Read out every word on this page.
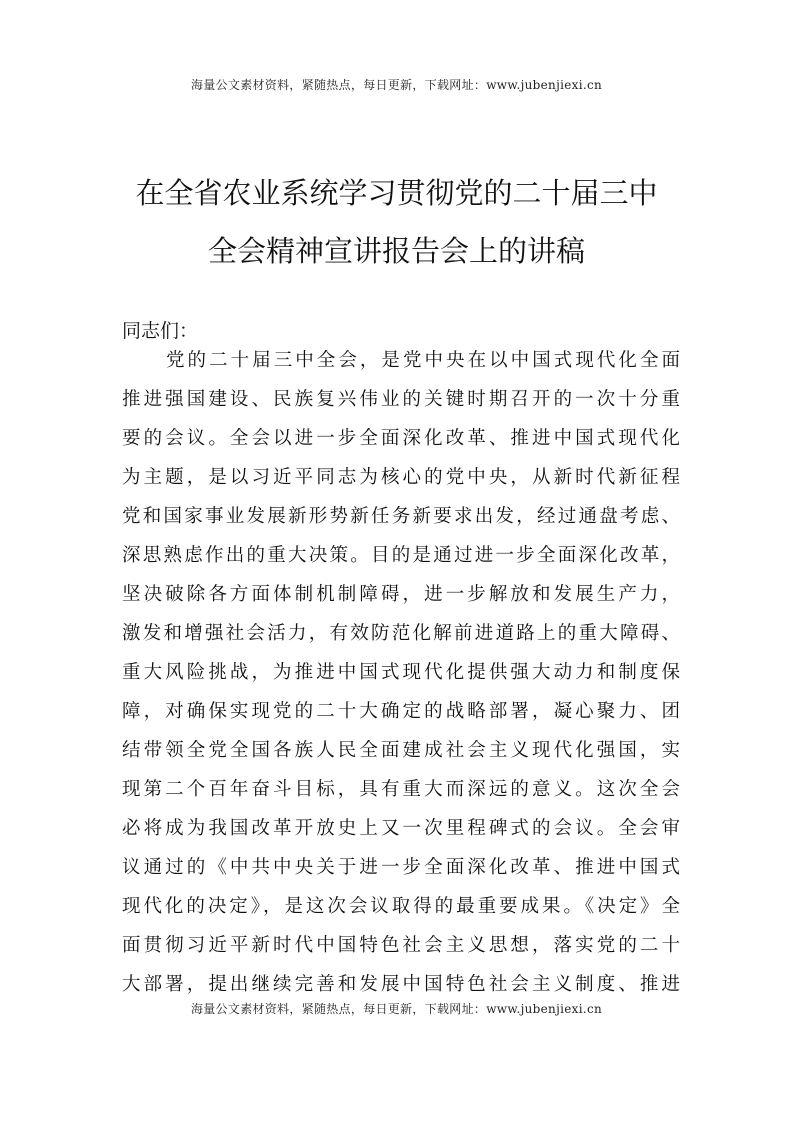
海量公文素材资料，紧随热点，每日更新，下载网址：www.jubenjiexi.cn
在全省农业系统学习贯彻党的二十届三中
全会精神宣讲报告会上的讲稿
同志们：
党的二十届三中全会，是党中央在以中国式现代化全面
推进强国建设、民族复兴伟业的关键时期召开的一次十分重
要的会议。全会以进一步全面深化改革、推进中国式现代化
为主题，是以习近平同志为核心的党中央，从新时代新征程
党和国家事业发展新形势新任务新要求出发，经过通盘考虑、
深思熟虑作出的重大决策。目的是通过进一步全面深化改革，
坚决破除各方面体制机制障碍，进一步解放和发展生产力，
激发和增强社会活力，有效防范化解前进道路上的重大障碍、
重大风险挑战，为推进中国式现代化提供强大动力和制度保
障，对确保实现党的二十大确定的战略部署，凝心聚力、团
结带领全党全国各族人民全面建成社会主义现代化强国，实
现第二个百年奋斗目标，具有重大而深远的意义。这次全会
必将成为我国改革开放史上又一次里程碑式的会议。全会审
议通过的《中共中央关于进一步全面深化改革、推进中国式
现代化的决定》，是这次会议取得的最重要成果。《决定》全
面贯彻习近平新时代中国特色社会主义思想，落实党的二十
大部署，提出继续完善和发展中国特色社会主义制度、推进
海量公文素材资料，紧随热点，每日更新，下载网址：www.jubenjiexi.cn
